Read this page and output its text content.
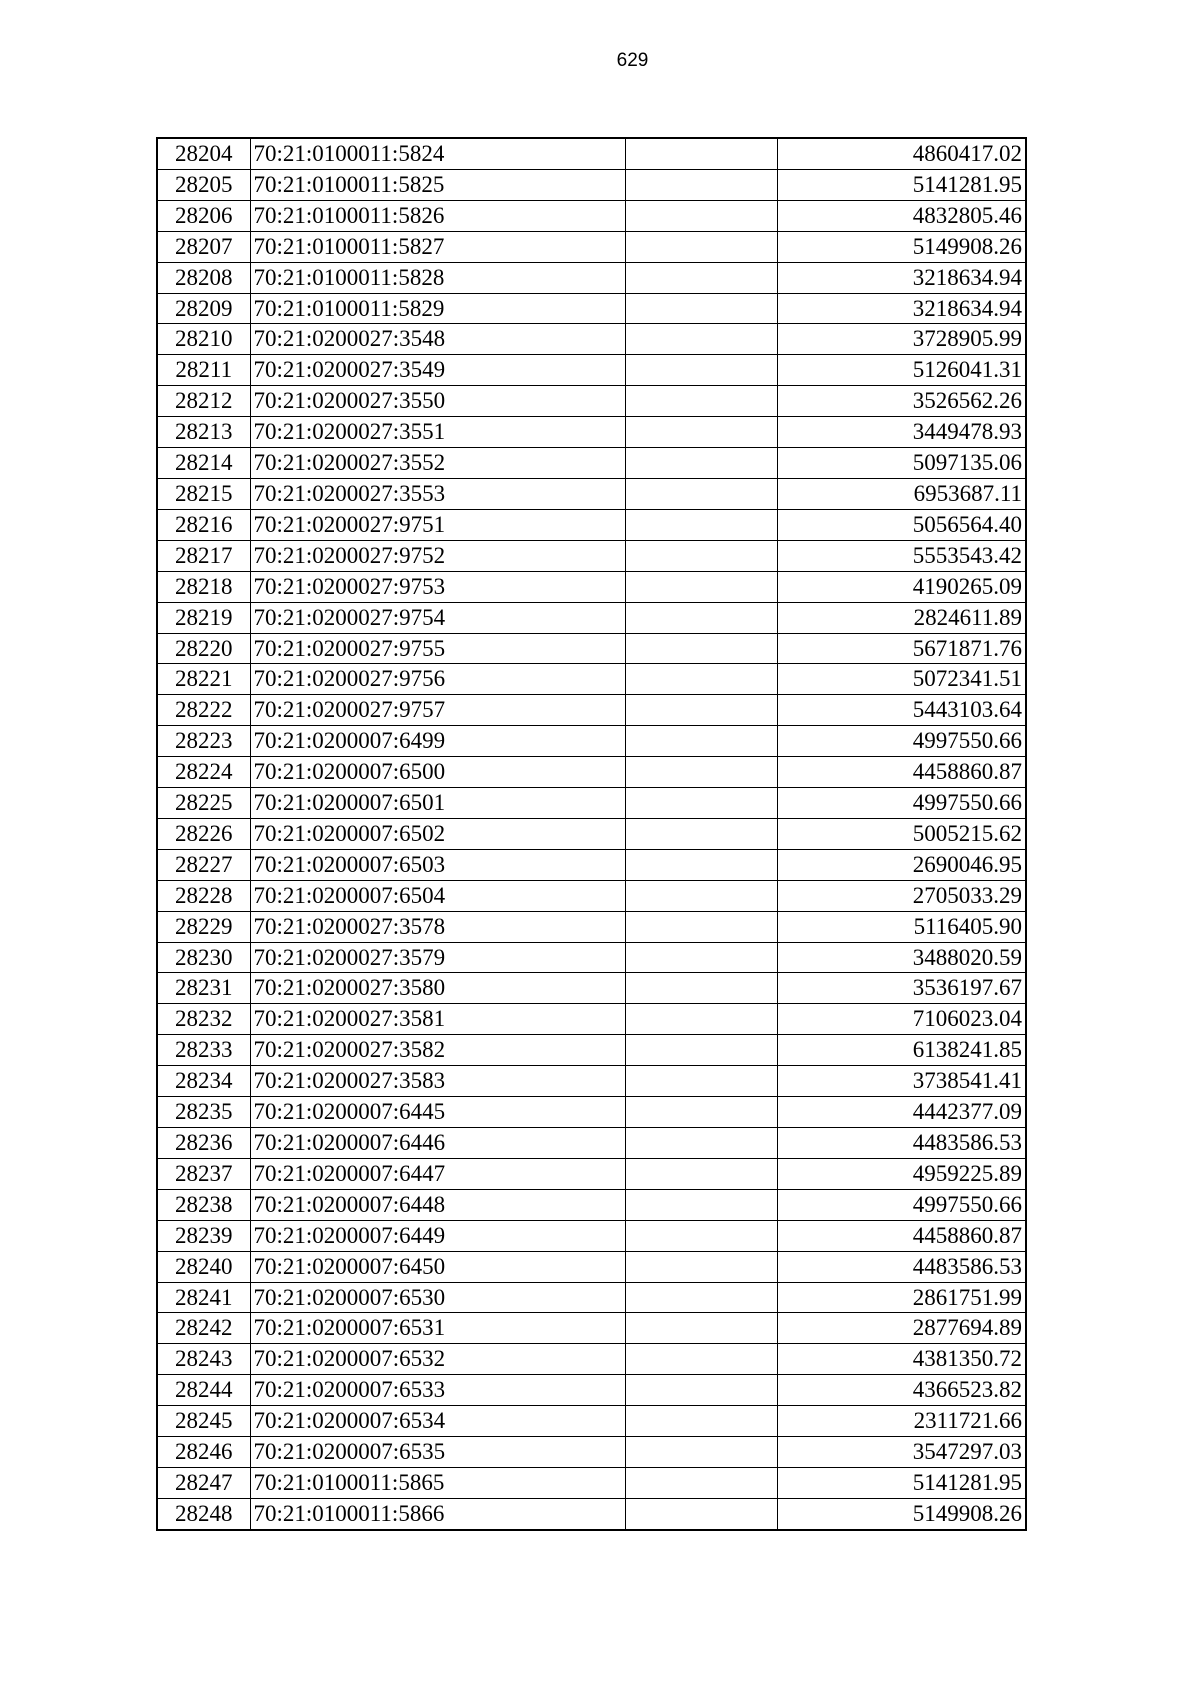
629
28204	70:21:0100011:5824		4860417.02
28205	70:21:0100011:5825		5141281.95
28206	70:21:0100011:5826		4832805.46
28207	70:21:0100011:5827		5149908.26
28208	70:21:0100011:5828		3218634.94
28209	70:21:0100011:5829		3218634.94
28210	70:21:0200027:3548		3728905.99
28211	70:21:0200027:3549		5126041.31
28212	70:21:0200027:3550		3526562.26
28213	70:21:0200027:3551		3449478.93
28214	70:21:0200027:3552		5097135.06
28215	70:21:0200027:3553		6953687.11
28216	70:21:0200027:9751		5056564.40
28217	70:21:0200027:9752		5553543.42
28218	70:21:0200027:9753		4190265.09
28219	70:21:0200027:9754		2824611.89
28220	70:21:0200027:9755		5671871.76
28221	70:21:0200027:9756		5072341.51
28222	70:21:0200027:9757		5443103.64
28223	70:21:0200007:6499		4997550.66
28224	70:21:0200007:6500		4458860.87
28225	70:21:0200007:6501		4997550.66
28226	70:21:0200007:6502		5005215.62
28227	70:21:0200007:6503		2690046.95
28228	70:21:0200007:6504		2705033.29
28229	70:21:0200027:3578		5116405.90
28230	70:21:0200027:3579		3488020.59
28231	70:21:0200027:3580		3536197.67
28232	70:21:0200027:3581		7106023.04
28233	70:21:0200027:3582		6138241.85
28234	70:21:0200027:3583		3738541.41
28235	70:21:0200007:6445		4442377.09
28236	70:21:0200007:6446		4483586.53
28237	70:21:0200007:6447		4959225.89
28238	70:21:0200007:6448		4997550.66
28239	70:21:0200007:6449		4458860.87
28240	70:21:0200007:6450		4483586.53
28241	70:21:0200007:6530		2861751.99
28242	70:21:0200007:6531		2877694.89
28243	70:21:0200007:6532		4381350.72
28244	70:21:0200007:6533		4366523.82
28245	70:21:0200007:6534		2311721.66
28246	70:21:0200007:6535		3547297.03
28247	70:21:0100011:5865		5141281.95
28248	70:21:0100011:5866		5149908.26
